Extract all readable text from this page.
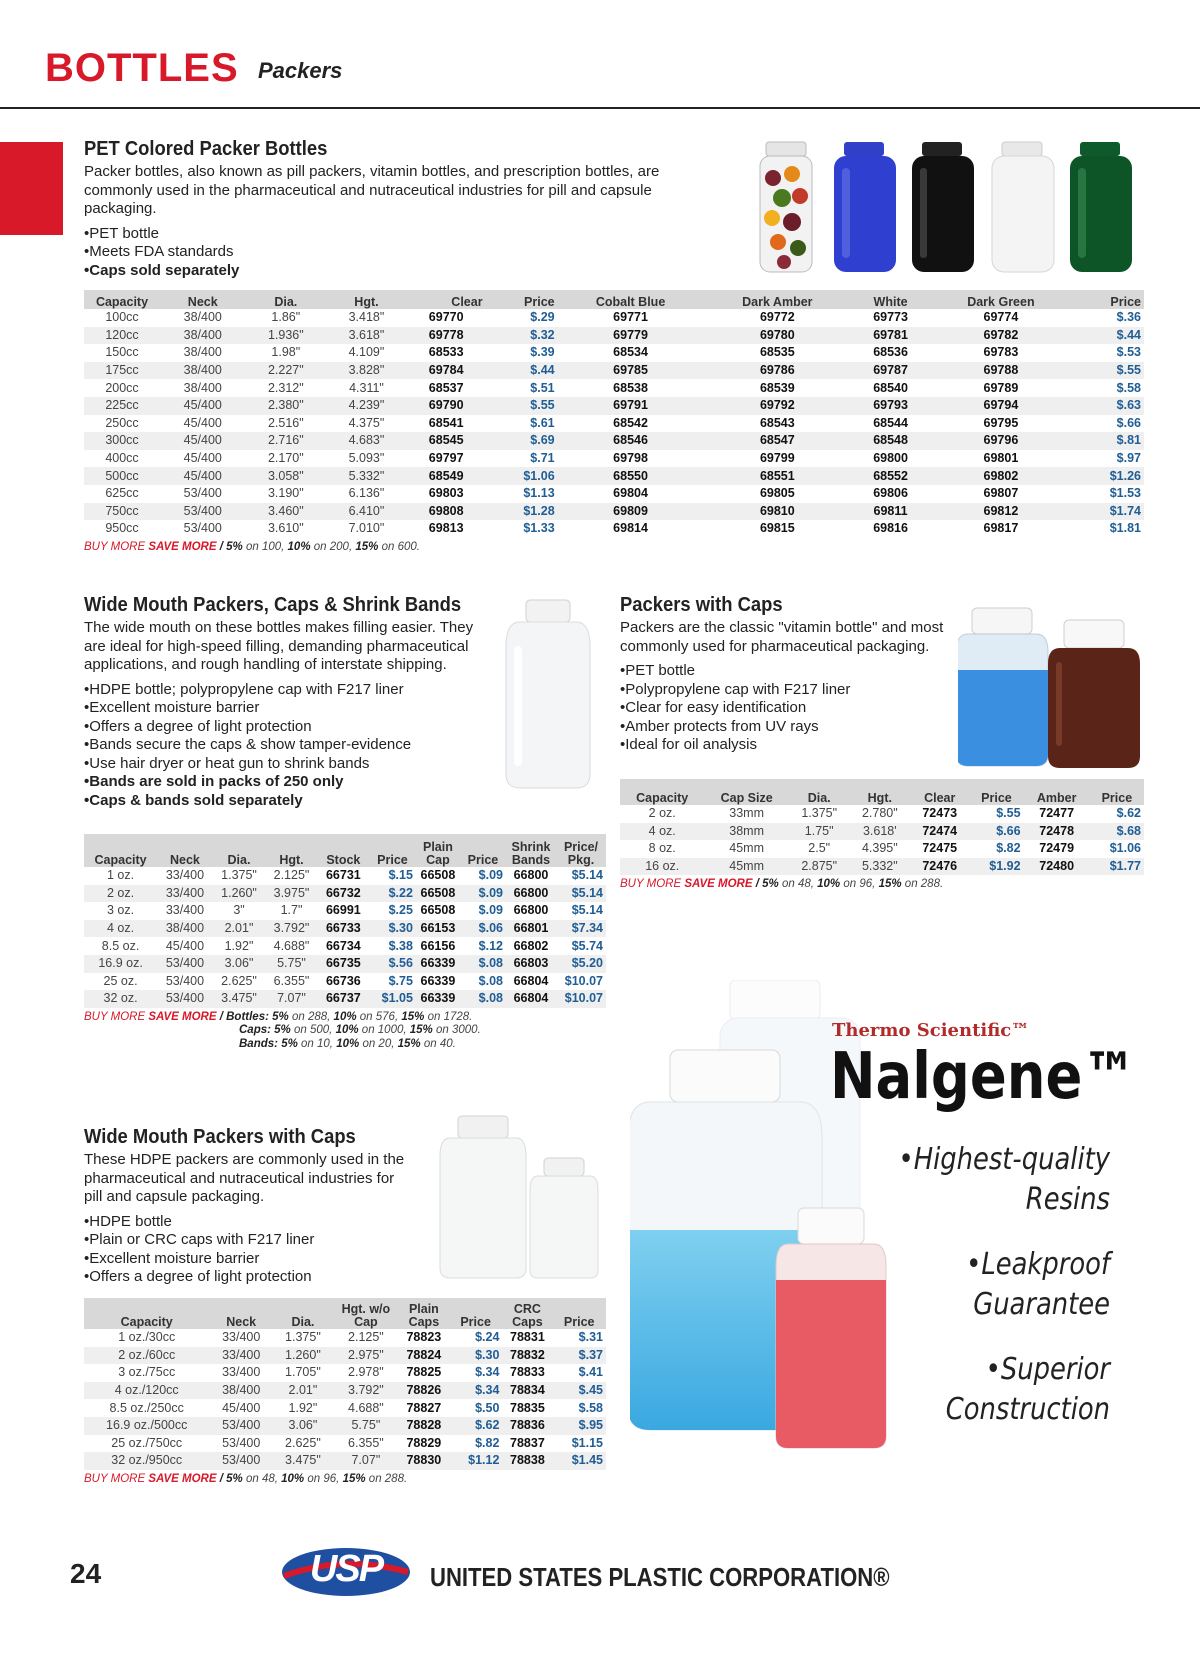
BOTTLES Packers
PET Colored Packer Bottles

Packer bottles, also known as pill packers, vitamin bottles, and prescription bottles, are commonly used in the pharmaceutical and nutraceutical industries for pill and capsule packaging.

• PET bottle
• Meets FDA standards
• Caps sold separately
Capacity	Neck	Dia.	Hgt.	Clear	Price	Cobalt Blue	Dark Amber	White	Dark Green	Price
100cc	38/400	1.86"	3.418"	69770	$.29	69771	69772	69773	69774	$.36
120cc	38/400	1.936"	3.618"	69778	$.32	69779	69780	69781	69782	$.44
150cc	38/400	1.98"	4.109"	68533	$.39	68534	68535	68536	69783	$.53
175cc	38/400	2.227"	3.828"	69784	$.44	69785	69786	69787	69788	$.55
200cc	38/400	2.312"	4.311"	68537	$.51	68538	68539	68540	69789	$.58
225cc	45/400	2.380"	4.239"	69790	$.55	69791	69792	69793	69794	$.63
250cc	45/400	2.516"	4.375"	68541	$.61	68542	68543	68544	69795	$.66
300cc	45/400	2.716"	4.683"	68545	$.69	68546	68547	68548	69796	$.81
400cc	45/400	2.170"	5.093"	69797	$.71	69798	69799	69800	69801	$.97
500cc	45/400	3.058"	5.332"	68549	$1.06	68550	68551	68552	69802	$1.26
625cc	53/400	3.190"	6.136"	69803	$1.13	69804	69805	69806	69807	$1.53
750cc	53/400	3.460"	6.410"	69808	$1.28	69809	69810	69811	69812	$1.74
950cc	53/400	3.610"	7.010"	69813	$1.33	69814	69815	69816	69817	$1.81
BUY MORE SAVE MORE / 5% on 100, 10% on 200, 15% on 600.
Wide Mouth Packers, Caps & Shrink Bands

The wide mouth on these bottles makes filling easier. They are ideal for high-speed filling, demanding pharmaceutical applications, and rough handling of interstate shipping.

• HDPE bottle; polypropylene cap with F217 liner
• Excellent moisture barrier
• Offers a degree of light protection
• Bands secure the caps & show tamper-evidence
• Use hair dryer or heat gun to shrink bands
• Bands are sold in packs of 250 only
• Caps & bands sold separately
Capacity	Neck	Dia.	Hgt.	Stock	Price	Plain Cap	Price	Shrink Bands	Price/ Pkg.
1 oz.	33/400	1.375"	2.125"	66731	$.15	66508	$.09	66800	$5.14
2 oz.	33/400	1.260"	3.975"	66732	$.22	66508	$.09	66800	$5.14
3 oz.	33/400	3"	1.7"	66991	$.25	66508	$.09	66800	$5.14
4 oz.	38/400	2.01"	3.792"	66733	$.30	66153	$.06	66801	$7.34
8.5 oz.	45/400	1.92"	4.688"	66734	$.38	66156	$.12	66802	$5.74
16.9 oz.	53/400	3.06"	5.75"	66735	$.56	66339	$.08	66803	$5.20
25 oz.	53/400	2.625"	6.355"	66736	$.75	66339	$.08	66804	$10.07
32 oz.	53/400	3.475"	7.07"	66737	$1.05	66339	$.08	66804	$10.07
BUY MORE SAVE MORE / Bottles: 5% on 288, 10% on 576, 15% on 1728.
Caps: 5% on 500, 10% on 1000, 15% on 3000.
Bands: 5% on 10, 10% on 20, 15% on 40.
Packers with Caps

Packers are the classic "vitamin bottle" and most commonly used for pharmaceutical packaging.

• PET bottle
• Polypropylene cap with F217 liner
• Clear for easy identification
• Amber protects from UV rays
• Ideal for oil analysis
Capacity	Cap Size	Dia.	Hgt.	Clear	Price	Amber	Price
2 oz.	33mm	1.375"	2.780"	72473	$.55	72477	$.62
4 oz.	38mm	1.75"	3.618'	72474	$.66	72478	$.68
8 oz.	45mm	2.5"	4.395"	72475	$.82	72479	$1.06
16 oz.	45mm	2.875"	5.332"	72476	$1.92	72480	$1.77
BUY MORE SAVE MORE / 5% on 48, 10% on 96, 15% on 288.
Wide Mouth Packers with Caps

These HDPE packers are commonly used in the pharmaceutical and nutraceutical industries for pill and capsule packaging.

• HDPE bottle
• Plain or CRC caps with F217 liner
• Excellent moisture barrier
• Offers a degree of light protection
Capacity	Neck	Dia.	Hgt. w/o Cap	Plain Caps	Price	CRC Caps	Price
1 oz./30cc	33/400	1.375"	2.125"	78823	$.24	78831	$.31
2 oz./60cc	33/400	1.260"	2.975"	78824	$.30	78832	$.37
3 oz./75cc	33/400	1.705"	2.978"	78825	$.34	78833	$.41
4 oz./120cc	38/400	2.01"	3.792"	78826	$.34	78834	$.45
8.5 oz./250cc	45/400	1.92"	4.688"	78827	$.50	78835	$.58
16.9 oz./500cc	53/400	3.06"	5.75"	78828	$.62	78836	$.95
25 oz./750cc	53/400	2.625"	6.355"	78829	$.82	78837	$1.15
32 oz./950cc	53/400	3.475"	7.07"	78830	$1.12	78838	$1.45
BUY MORE SAVE MORE / 5% on 48, 10% on 96, 15% on 288.
Thermo Scientific™
Nalgene™
•Highest-quality
Resins
•Leakproof
Guarantee
•Superior
Construction
24	USP	UNITED STATES PLASTIC CORPORATION®
